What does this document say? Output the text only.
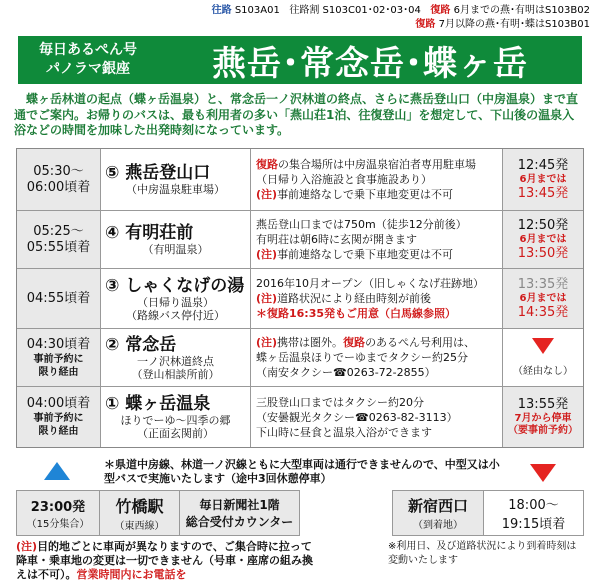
往路 S103A01 往路割 S103C01･02･03･04 復路 6月までの燕･有明はS103B02
復路 7月以降の燕･有明･蝶はS103B01
毎日あるぺん号
パノラマ銀座	燕岳･常念岳･蝶ヶ岳
　蝶ヶ岳林道の起点（蝶ヶ岳温泉）と、常念岳一ノ沢林道の終点、さらに燕岳登山口（中房温泉）まで直通でご案内。お帰りのバスは、最も利用者の多い「燕山荘1泊、往復登山」を想定して、下山後の温泉入浴などの時間を加味した出発時刻になっています。
05:30～
06:00頃着
⑤ 燕岳登山口
（中房温泉駐車場）
復路の集合場所は中房温泉宿泊者専用駐車場（日帰り入浴施設と食事施設あり）
(注)事前連絡なしで乗下車地変更は不可
12:45発
6月までは
13:45発
05:25～
05:55頃着
④ 有明荘前
（有明温泉）
燕岳登山口までは750m（徒歩12分前後）
有明荘は朝6時に玄関が開きます
(注)事前連絡なしで乗下車地変更は不可
12:50発
6月までは
13:50発
04:55頃着
③ しゃくなげの湯
（日帰り温泉）
（路線バス停付近）
2016年10月オープン（旧しゃくなげ荘跡地）
(注)道路状況により経由時刻が前後
＊復路16:35発もご用意（白馬線参照）
13:35発
6月までは
14:35発
04:30頃着
事前予約に
限り経由
② 常念岳
一ノ沢林道終点
（登山相談所前）
(注)携帯は圏外。復路のあるぺん号利用は、
蝶ヶ岳温泉ほりでーゆまでタクシー約25分
（南安タクシー☎0263-72-2855）	（経由なし）
04:00頃着
事前予約に
限り経由
① 蝶ヶ岳温泉
ほりでーゆ～四季の郷
（正面玄関前）
三股登山口まではタクシー約20分
（安曇観光タクシー☎0263-82-3113）
下山時に昼食と温泉入浴ができます
13:55発
7月から停車
（要事前予約）
＊県道中房線、林道一ノ沢線ともに大型車両は通行できませんので、中型又は小型バスで実施いたします（途中3回休憩停車）
23:00発
（15分集合）
竹橋駅
（東西線）
毎日新聞社1階
総合受付カウンター
新宿西口
（到着地）
18:00～
19:15頃着
(注)目的地ごとに車両が異なりますので、ご集合時に拉って降車・乗車地の変更は一切できません（号車・座席の組み換えは不可）。営業時間内にお電話を
※利用日、及び道路状況により到着時刻は変動いたします
